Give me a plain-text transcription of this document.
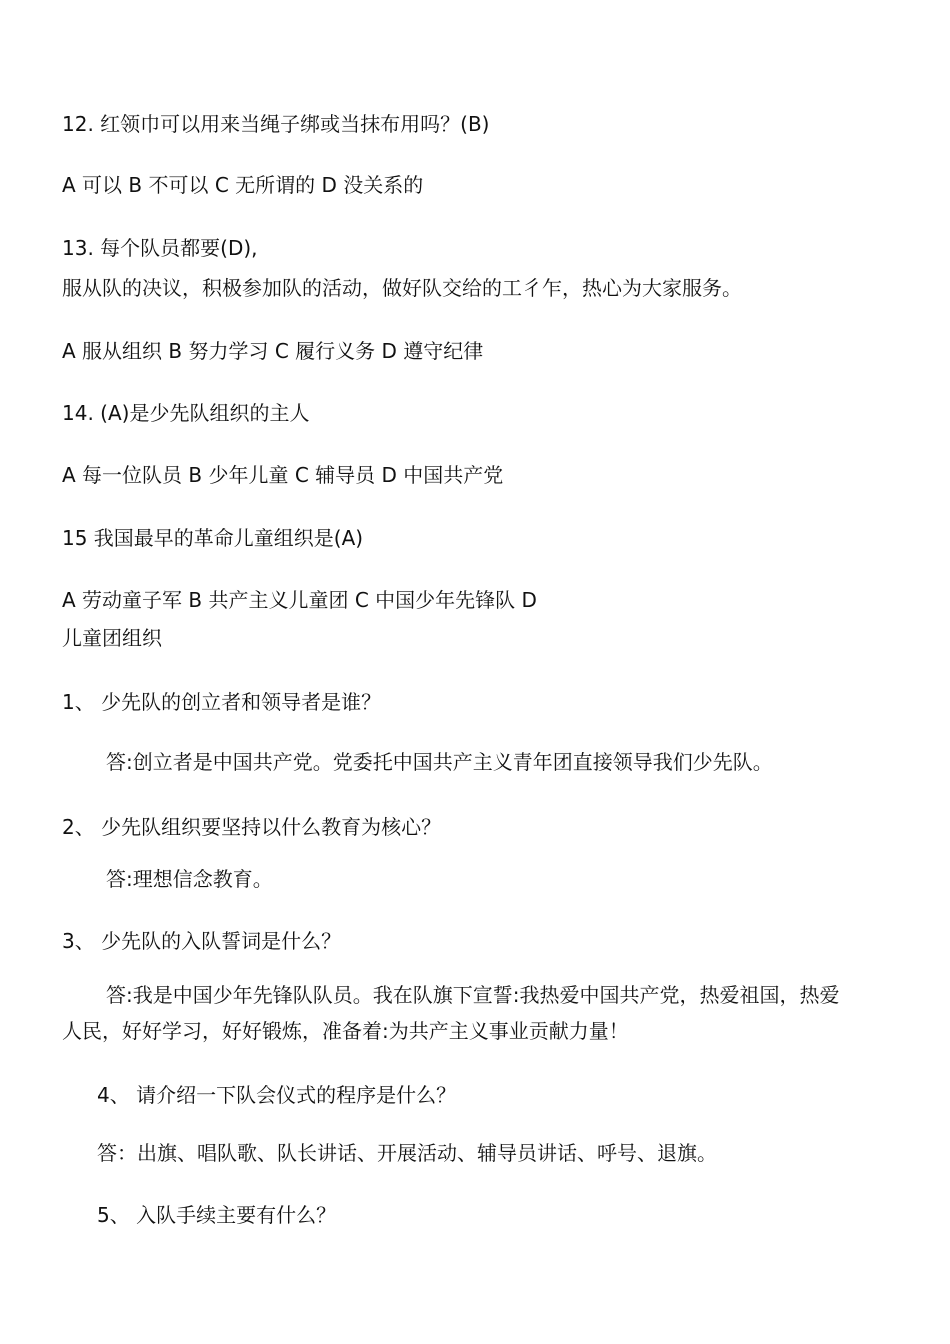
12. 红领巾可以用来当绳子绑或当抹布用吗？(B)
A 可以 B 不可以 C 无所谓的 D 没关系的
13. 每个队员都要(D),
服从队的决议，积极参加队的活动，做好队交给的工彳乍，热心为大家服务。
A 服从组织 B 努力学习 C 履行义务 D 遵守纪律
14. (A)是少先队组织的主人
A 每一位队员 B 少年儿童 C 辅导员 D 中国共产党
15 我国最早的革命儿童组织是(A)
A 劳动童子军 B 共产主义儿童团 C 中国少年先锋队 D
儿童团组织
1、 少先队的创立者和领导者是谁？
答:创立者是中国共产党。党委托中国共产主义青年团直接领导我们少先队。
2、 少先队组织要坚持以什么教育为核心？
答:理想信念教育。
3、 少先队的入队誓词是什么？
答:我是中国少年先锋队队员。我在队旗下宣誓:我热爱中国共产党，热爱祖国，热爱
人民，好好学习，好好锻炼，准备着:为共产主义事业贡献力量！
4、 请介绍一下队会仪式的程序是什么？
答：出旗、唱队歌、队长讲话、开展活动、辅导员讲话、呼号、退旗。
5、 入队手续主要有什么？
